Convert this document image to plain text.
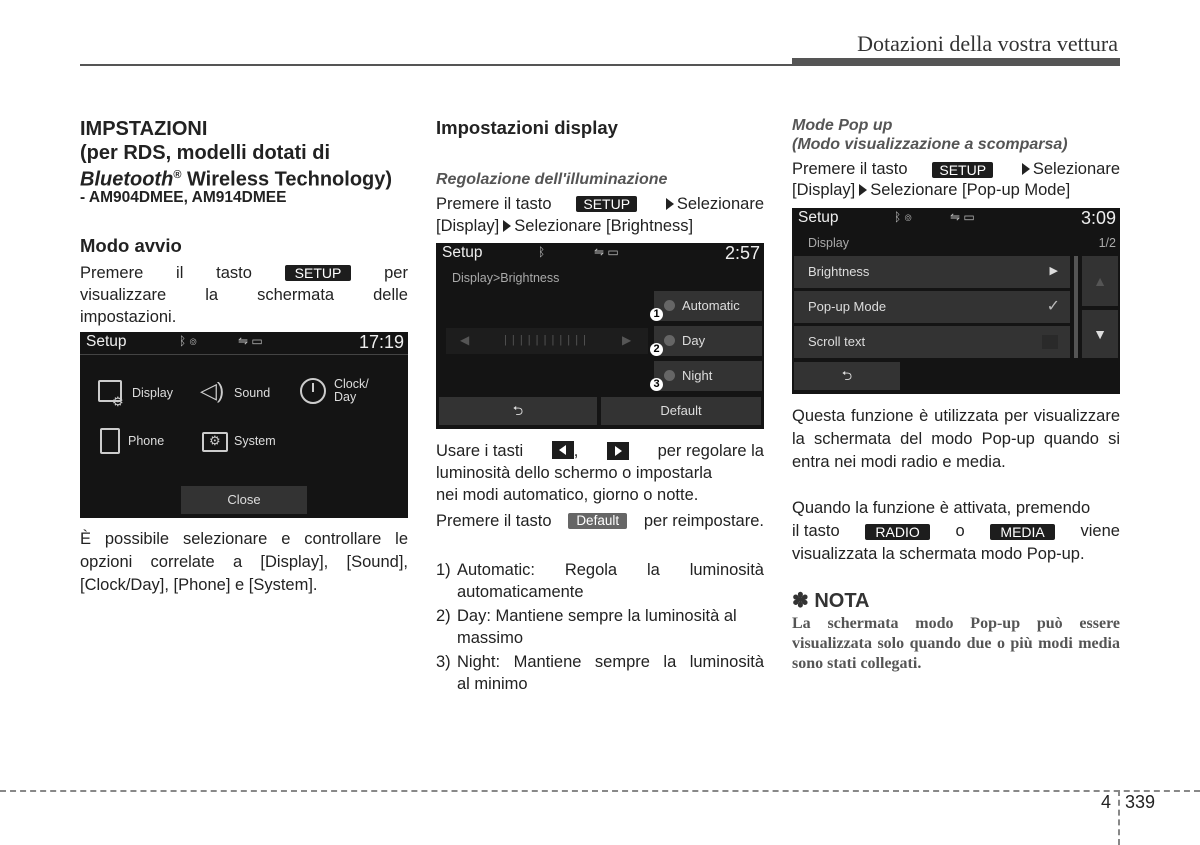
Dotazioni della vostra vettura
IMPSTAZIONI
(per RDS, modelli dotati di
Bluetooth® Wireless Technology)
- AM904DMEE, AM914DMEE
Modo avvio
Premere il tasto	SETUP	per
visualizzare la schermata delle
impostazioni.
Setup	ᛒ ◎	⇋ ▭	17:19
⚙
Display ◁) Sound
Clock/
Day
Phone	⚙ System
Close
È possibile selezionare e controllare le opzioni correlate a [Display], [Sound], [Clock/Day], [Phone] e [System].
Impostazioni display
Regolazione dell'illuminazione
Premere il tasto	SETUP	Selezionare
[Display] Selezionare [Brightness]
Setup	ᛒ	⇋ ▭	2:57
Display>Brightness
◀	| | | | | | | | | | |	▶
Automatic
Day
Night
1
2
3
⮌	Default
Usare i tasti	,	per regolare la
luminosità dello schermo o impostarla
nei modi automatico, giorno o notte.
Premere il tasto	Default	per reimpostare.
1) Automatic: Regola la luminosità
automaticamente
2) Day: Mantiene sempre la luminosità al
massimo
3) Night: Mantiene sempre la luminosità
al minimo
Mode Pop up
(Modo visualizzazione a scomparsa)
Premere il tasto	SETUP	Selezionare
[Display] Selezionare [Pop-up Mode]
Setup	ᛒ ◎	⇋ ▭	3:09
Display	1/2
Brightness	▶
Pop-up Mode	✓
Scroll text
▲
▼
⮌
Questa funzione è utilizzata per visualizzare la schermata del modo Pop-up quando si entra nei modi radio e media.
Quando la funzione è attivata, premendo
il tasto	RADIO	o	MEDIA	viene
visualizzata la schermata modo Pop-up.
✽ NOTA
La schermata modo Pop-up può essere visualizzata solo quando due o più modi media sono stati collegati.
4 339
